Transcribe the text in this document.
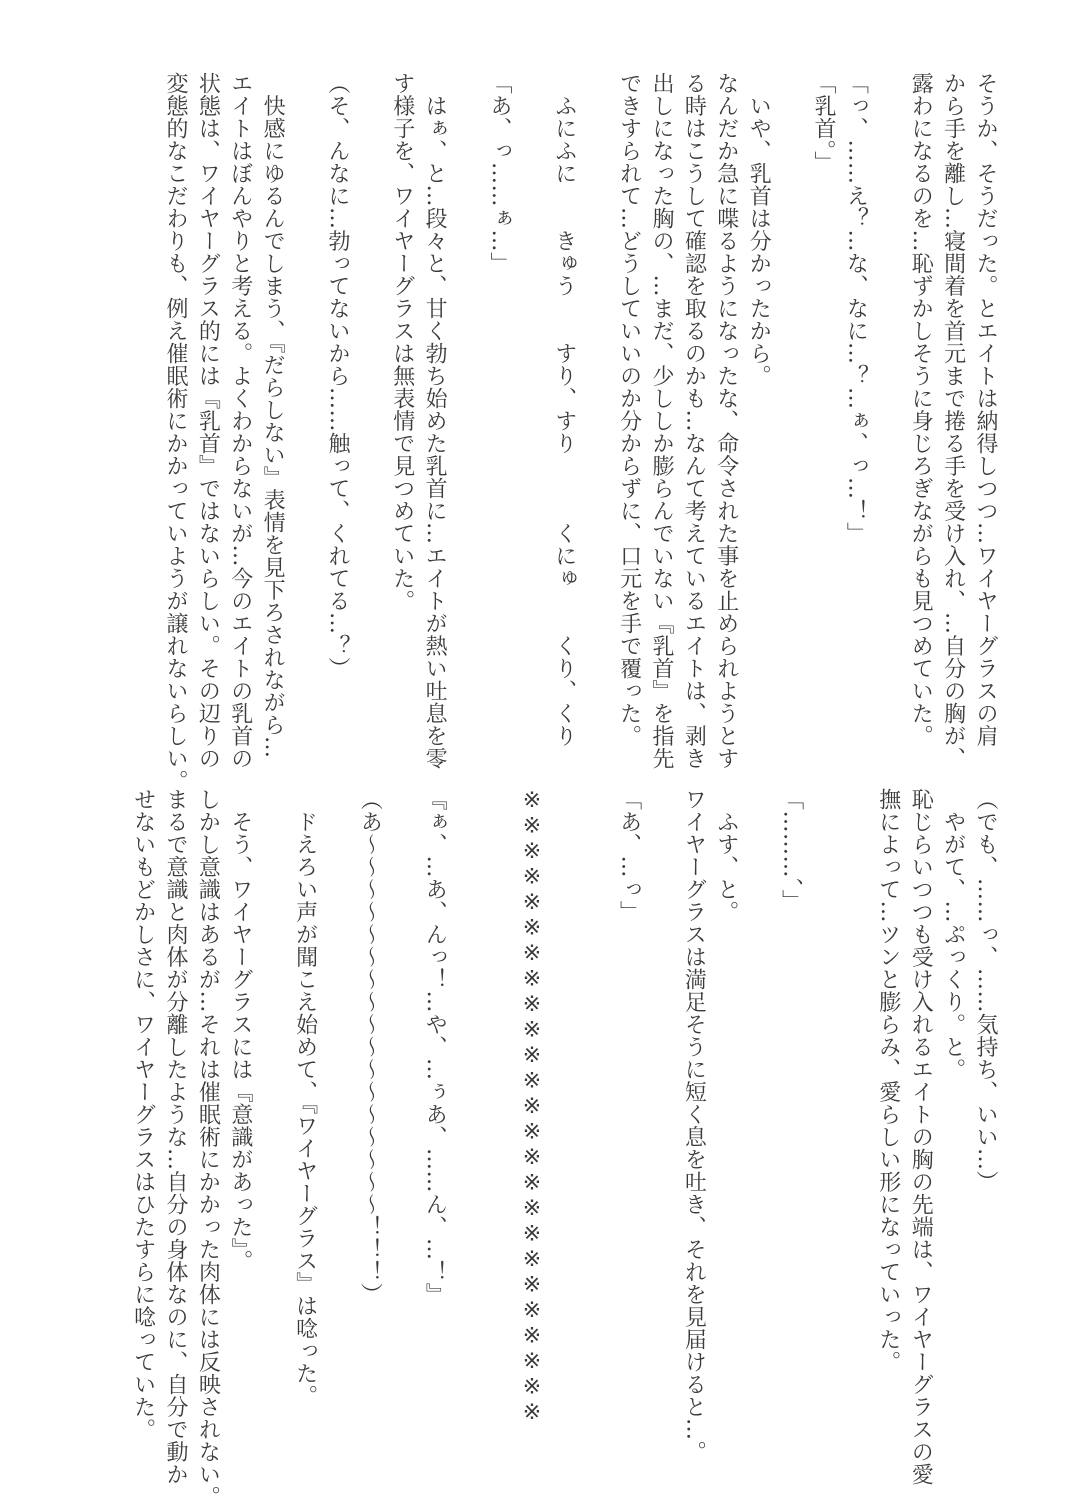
そうか、そうだった。とエイトは納得しつつ…ワイヤーグラスの肩
から手を離し…寝間着を首元まで捲る手を受け入れ、…自分の胸が、
露わになるのを…恥ずかしそうに身じろぎながらも見つめていた。
「っ、……え？…な、なに…？…ぁ、っ…！」
「乳首。」
　いや、乳首は分かったから。
なんだか急に喋るようになったな、命令された事を止められようとす
る時はこうして確認を取るのかも…なんて考えているエイトは、剥き
出しになった胸の、…まだ、少ししか膨らんでいない『乳首』を指先
できすられて…どうしていいのか分からずに、口元を手で覆った。
　ふにふに　　きゅう　　すり、すり　　　くにゅ　　くり、くり
「あ、っ……ぁ…」
　はぁ、と…段々と、甘く勃ち始めた乳首に…エイトが熱い吐息を零
す様子を、ワイヤーグラスは無表情で見つめていた。
（そ、んなに…勃ってないから……触って、くれてる…？）
　快感にゆるんでしまう、『だらしない』表情を見下ろされながら…
エイトはぼんやりと考える。よくわからないが…今のエイトの乳首の
状態は、ワイヤーグラス的には『乳首』ではないらしい。その辺りの
変態的なこだわりも、例え催眠術にかかっていようが譲れないらしい。
（でも、……っ、……気持ち、いい…）
　やがて、…ぷっくり。と。
恥じらいつつも受け入れるエイトの胸の先端は、ワイヤーグラスの愛
撫によって…ツンと膨らみ、愛らしい形になっていった。
「………、」
　ふす、と。
ワイヤーグラスは満足そうに短く息を吐き、それを見届けると…。
「あ、…っ」
※※※※※※※※※※※※※※※※※※※※※※※※※
『ぁ、…あ、んっ！…や、…ぅあ、……ん、…！』
（あ〜〜〜〜〜〜〜〜〜〜〜〜〜〜〜〜〜！！！）
　ドえろい声が聞こえ始めて、『ワイヤーグラス』は唸った。
　そう、ワイヤーグラスには『意識があった』。
しかし意識はあるが…それは催眠術にかかった肉体には反映されない。
まるで意識と肉体が分離したような…自分の身体なのに、自分で動か
せないもどかしさに、ワイヤーグラスはひたすらに唸っていた。
